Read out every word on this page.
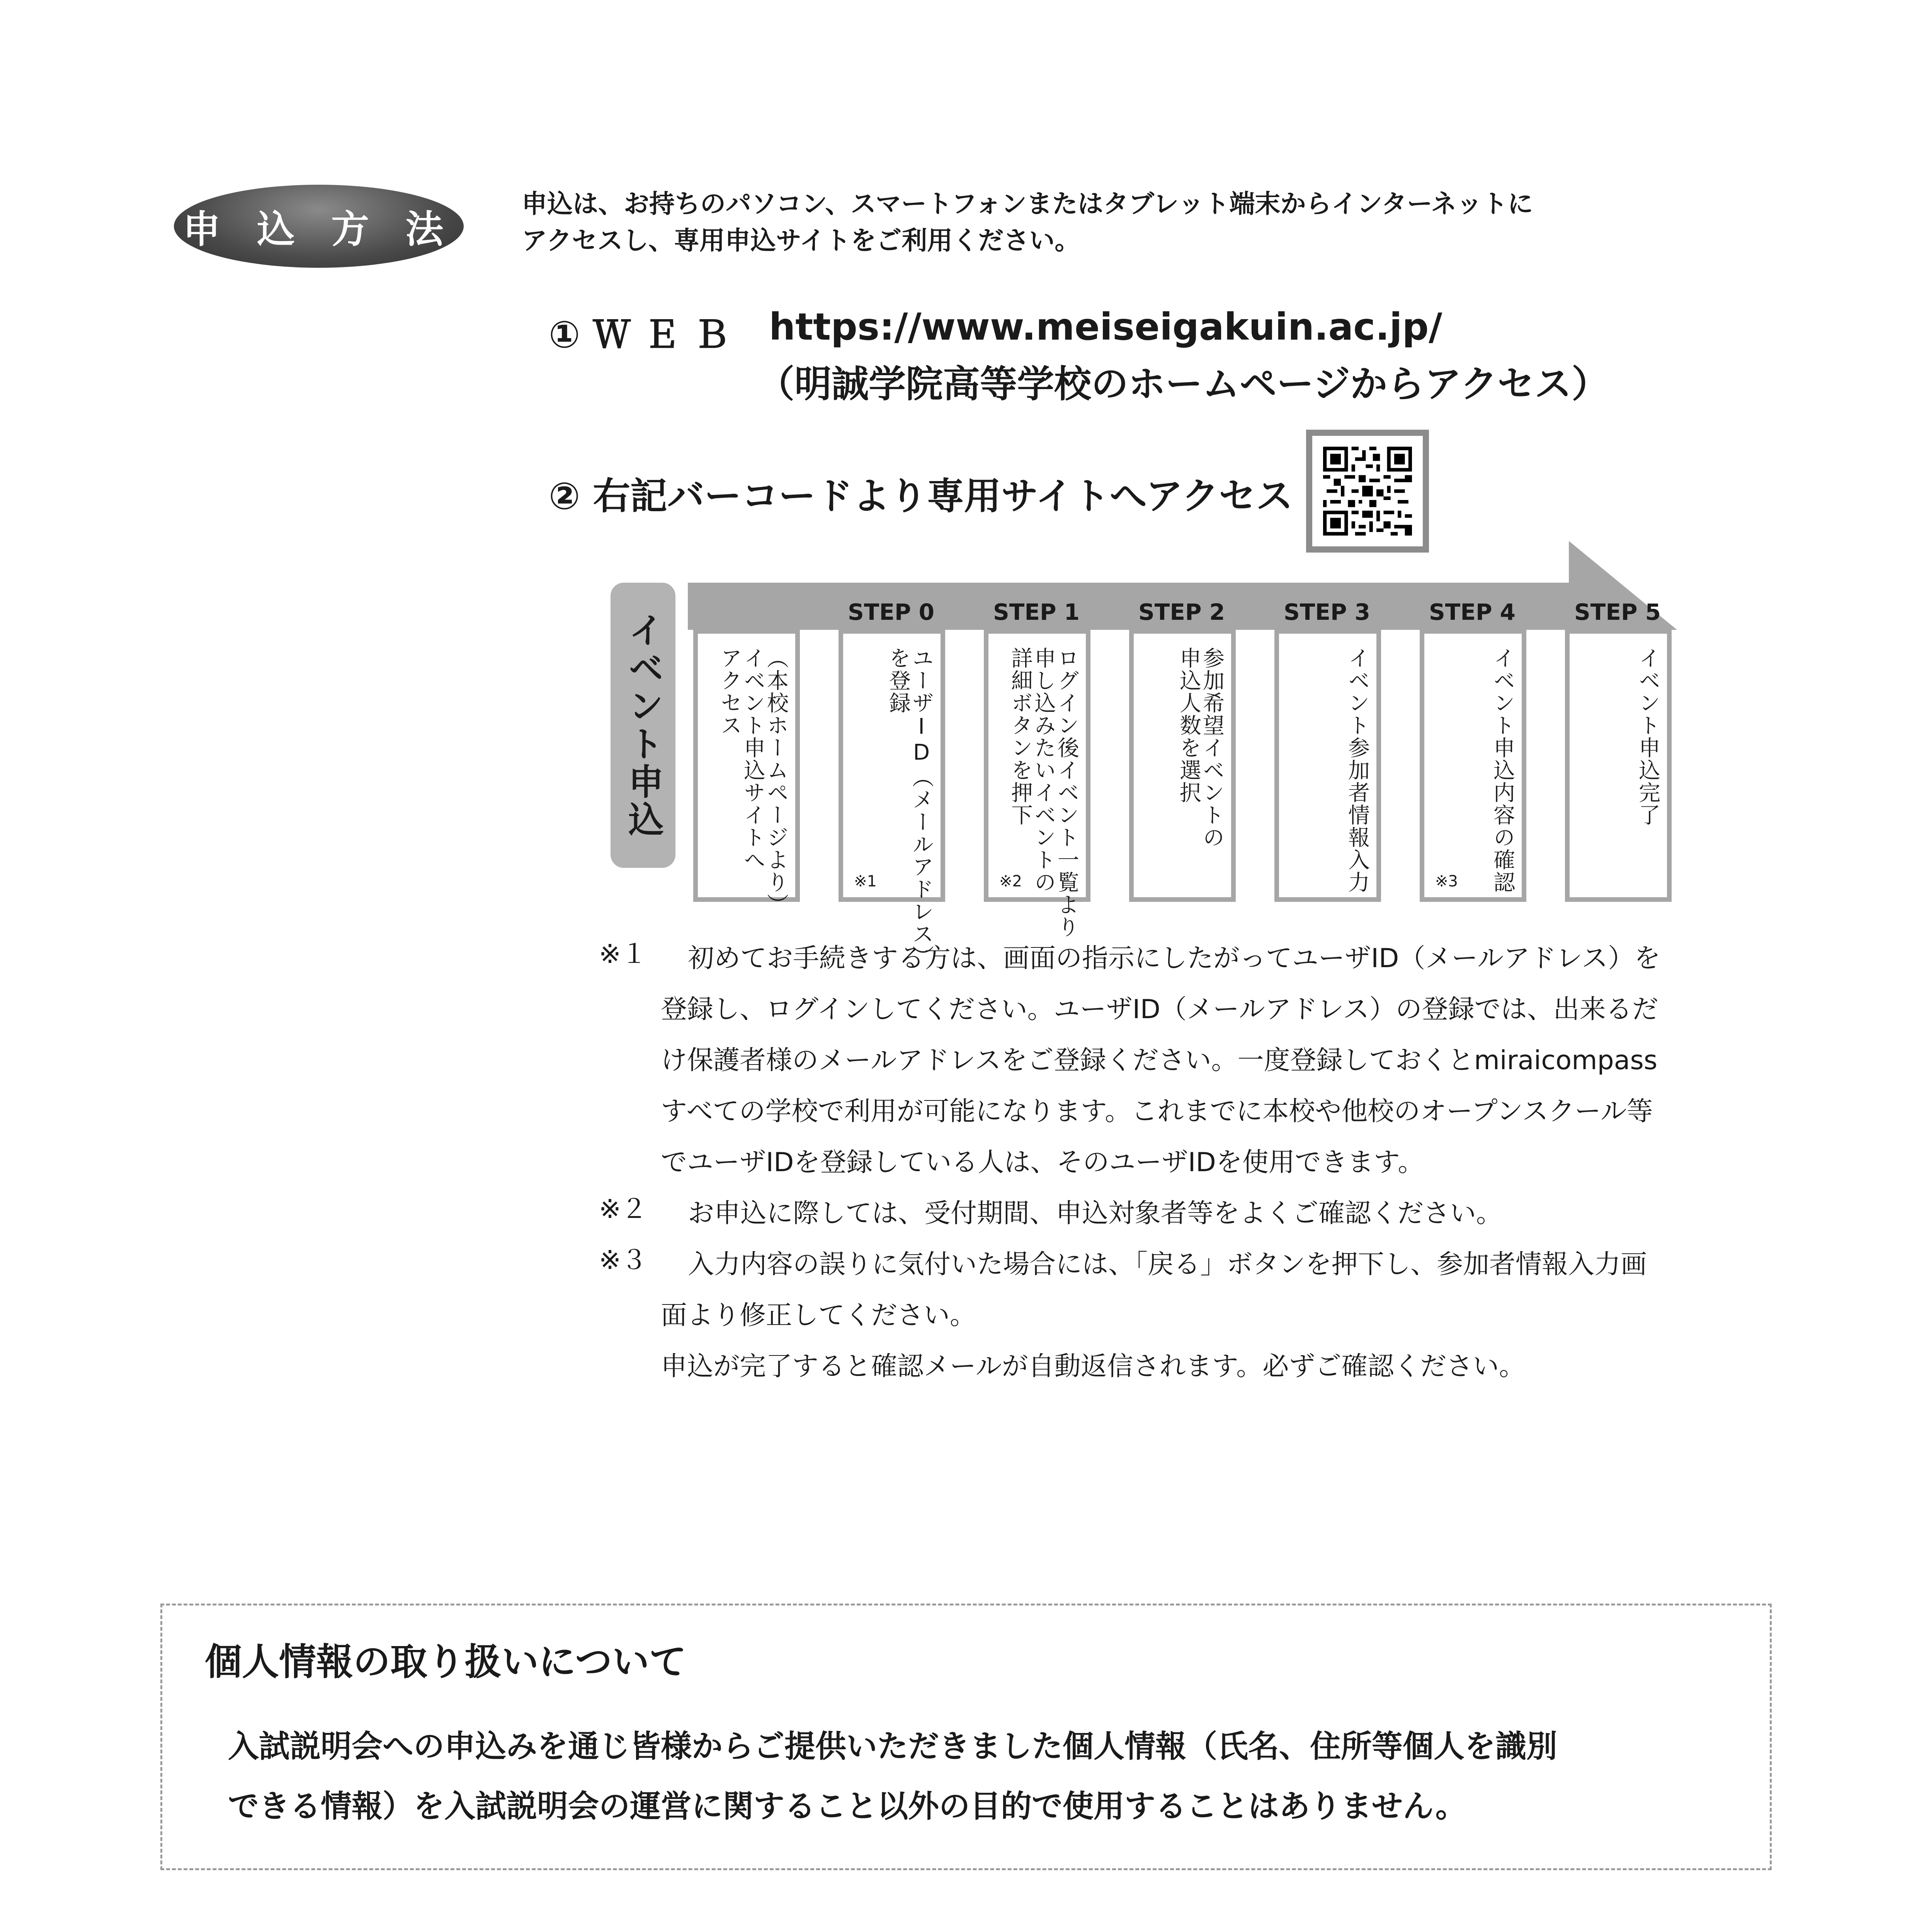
申 込 方 法
申込は、お持ちのパソコン、スマートフォンまたはタブレット端末からインターネットに
アクセスし、専用申込サイトをご利用ください。
① Ｗ Ｅ Ｂ https://www.meiseigakuin.ac.jp/
（明誠学院高等学校のホームページからアクセス）
② 右記バーコードより専用サイトへアクセス
イベント申込	（本校ホームページより）
イベント申込サイトへ
アクセス
STEP 0
ユーザID（メールアドレス）
を登録
※1
STEP 1
ログイン後イベント一覧より
申し込みたいイベントの
詳細ボタンを押下
※2
STEP 2
参加希望イベントの
申込人数を選択
STEP 3
イベント参加者情報入力
STEP 4
イベント申込内容の確認
※3
STEP 5
イベント申込完了
※１ 初めてお手続きする方は、画面の指示にしたがってユーザID（メールアドレス）を
登録し、ログインしてください。ユーザID（メールアドレス）の登録では、出来るだ
け保護者様のメールアドレスをご登録ください。一度登録しておくとmiraicompass
すべての学校で利用が可能になります。これまでに本校や他校のオープンスクール等
でユーザIDを登録している人は、そのユーザIDを使用できます。
※２ お申込に際しては、受付期間、申込対象者等をよくご確認ください。
※３ 入力内容の誤りに気付いた場合には、「戻る」ボタンを押下し、参加者情報入力画
面より修正してください。
申込が完了すると確認メールが自動返信されます。必ずご確認ください。
個人情報の取り扱いについて
入試説明会への申込みを通じ皆様からご提供いただきました個人情報（氏名、住所等個人を識別
できる情報）を入試説明会の運営に関すること以外の目的で使用することはありません。
